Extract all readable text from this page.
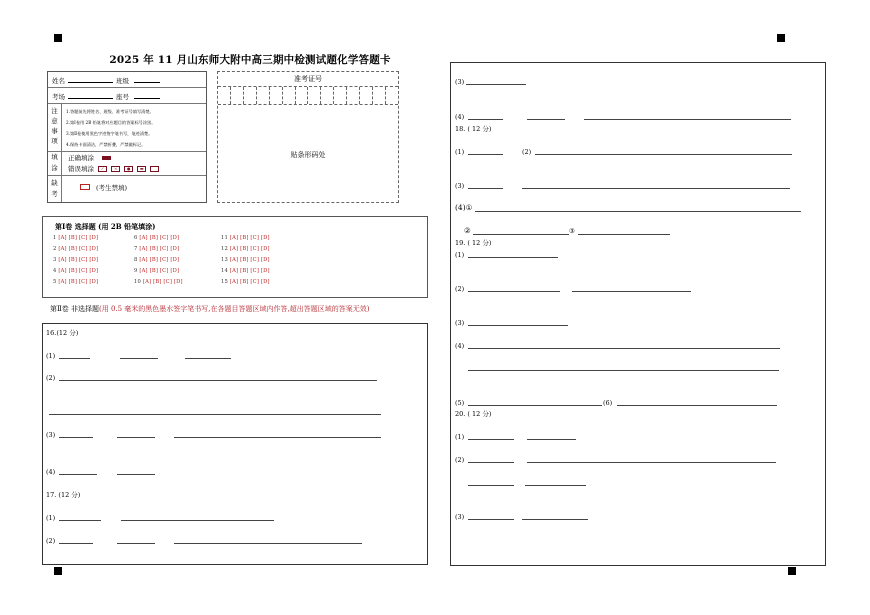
2025 年 11 月山东师大附中高三期中检测试题化学答题卡
姓名	班级
考场	座号
注
意
事
项
1.答题前先将姓名、班级、准考证号填写清楚。
2.第Ⅰ卷用 2B 铅笔将对应题目的答案标号涂黑。
3.第Ⅱ卷使用黑色字迹签字笔书写，笔迹清楚。
4.保持卡面清洁，严禁折叠，严禁做标记。
填
涂
正确填涂
错误填涂 ✓ × ● ▬
缺
考
(考生禁填)
准考证号
贴条形码处
第Ⅰ卷 选择题 (用 2B 铅笔填涂)
1 [A] [B] [C] [D]
2 [A] [B] [C] [D]
3 [A] [B] [C] [D]
4 [A] [B] [C] [D]
5 [A] [B] [C] [D]
6 [A] [B] [C] [D]
7 [A] [B] [C] [D]
8 [A] [B] [C] [D]
9 [A] [B] [C] [D]
10 [A] [B] [C] [D]
11 [A] [B] [C] [D]
12 [A] [B] [C] [D]
13 [A] [B] [C] [D]
14 [A] [B] [C] [D]
15 [A] [B] [C] [D]
第Ⅱ卷 非选择题(用 0.5 毫米的黑色墨水签字笔书写,在各题目答题区域内作答,超出答题区域的答案无效)
16.(12 分)
(1)
(2)
(3)
(4)
17. (12 分)
(1)
(2)
(3)
(4)
18. ( 12 分)
(1)	(2)
(3)
(4)①
②	③
19. ( 12 分)
(1)
(2)
(3)
(4)
(5)	(6)
20. ( 12 分)
(1)
(2)
(3)
